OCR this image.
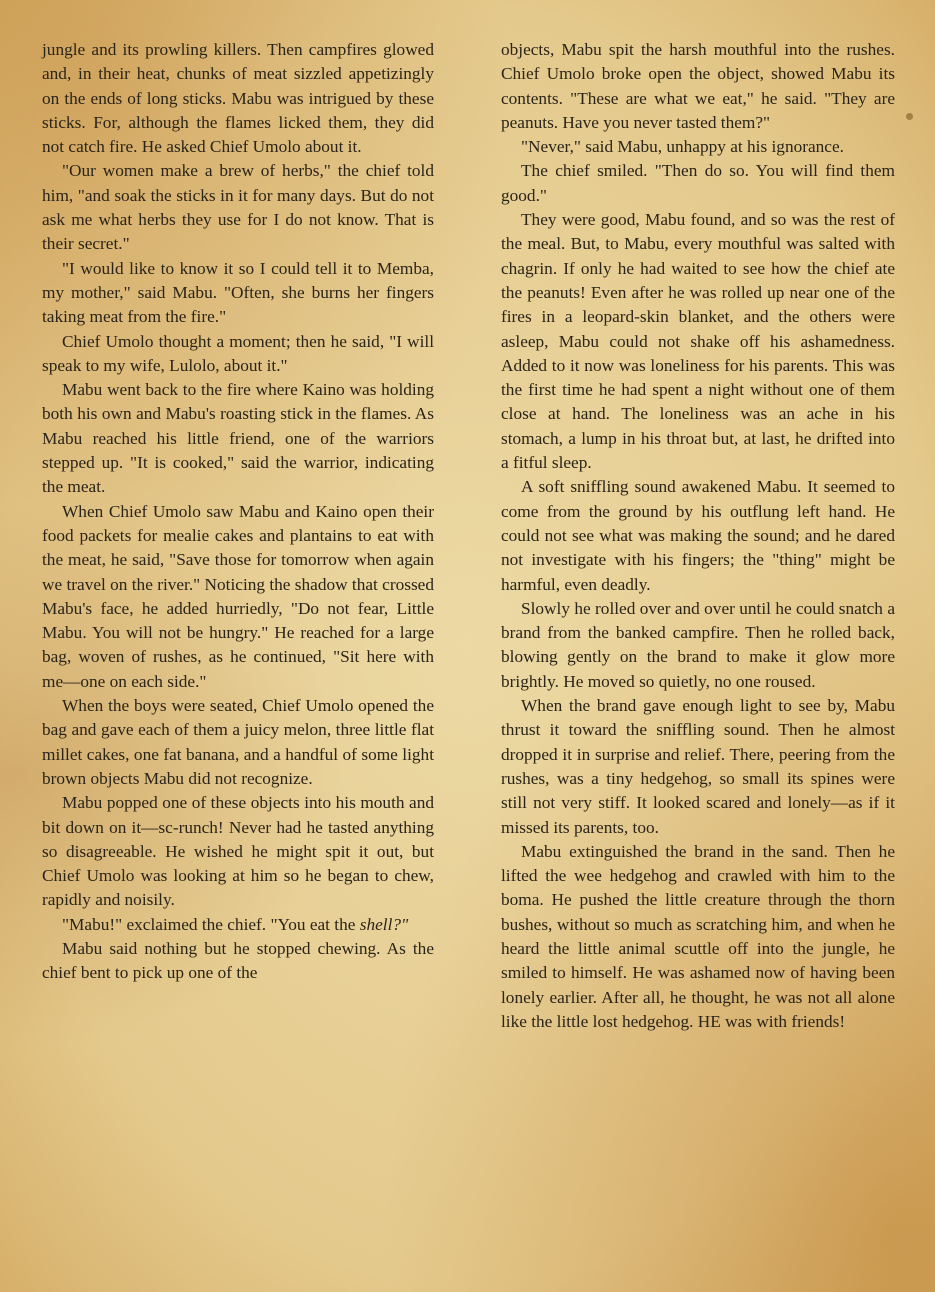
jungle and its prowling killers. Then campfires glowed and, in their heat, chunks of meat sizzled appetizingly on the ends of long sticks. Mabu was intrigued by these sticks. For, although the flames licked them, they did not catch fire. He asked Chief Umolo about it.

"Our women make a brew of herbs," the chief told him, "and soak the sticks in it for many days. But do not ask me what herbs they use for I do not know. That is their secret."

"I would like to know it so I could tell it to Memba, my mother," said Mabu. "Often, she burns her fingers taking meat from the fire."

Chief Umolo thought a moment; then he said, "I will speak to my wife, Lulolo, about it."

Mabu went back to the fire where Kaino was holding both his own and Mabu's roasting stick in the flames. As Mabu reached his little friend, one of the warriors stepped up. "It is cooked," said the warrior, indicating the meat.

When Chief Umolo saw Mabu and Kaino open their food packets for mealie cakes and plantains to eat with the meat, he said, "Save those for tomorrow when again we travel on the river." Noticing the shadow that crossed Mabu's face, he added hurriedly, "Do not fear, Little Mabu. You will not be hungry." He reached for a large bag, woven of rushes, as he continued, "Sit here with me—one on each side."

When the boys were seated, Chief Umolo opened the bag and gave each of them a juicy melon, three little flat millet cakes, one fat banana, and a handful of some light brown objects Mabu did not recognize.

Mabu popped one of these objects into his mouth and bit down on it—sc-runch! Never had he tasted anything so disagreeable. He wished he might spit it out, but Chief Umolo was looking at him so he began to chew, rapidly and noisily.

"Mabu!" exclaimed the chief. "You eat the shell?"

Mabu said nothing but he stopped chewing. As the chief bent to pick up one of the

objects, Mabu spit the harsh mouthful into the rushes. Chief Umolo broke open the object, showed Mabu its contents. "These are what we eat," he said. "They are peanuts. Have you never tasted them?"

"Never," said Mabu, unhappy at his ignorance.

The chief smiled. "Then do so. You will find them good."

They were good, Mabu found, and so was the rest of the meal. But, to Mabu, every mouthful was salted with chagrin. If only he had waited to see how the chief ate the peanuts! Even after he was rolled up near one of the fires in a leopard-skin blanket, and the others were asleep, Mabu could not shake off his ashamedness. Added to it now was loneliness for his parents. This was the first time he had spent a night without one of them close at hand. The loneliness was an ache in his stomach, a lump in his throat but, at last, he drifted into a fitful sleep.

A soft sniffling sound awakened Mabu. It seemed to come from the ground by his outflung left hand. He could not see what was making the sound; and he dared not investigate with his fingers; the "thing" might be harmful, even deadly.

Slowly he rolled over and over until he could snatch a brand from the banked campfire. Then he rolled back, blowing gently on the brand to make it glow more brightly. He moved so quietly, no one roused.

When the brand gave enough light to see by, Mabu thrust it toward the sniffling sound. Then he almost dropped it in surprise and relief. There, peering from the rushes, was a tiny hedgehog, so small its spines were still not very stiff. It looked scared and lonely—as if it missed its parents, too.

Mabu extinguished the brand in the sand. Then he lifted the wee hedgehog and crawled with him to the boma. He pushed the little creature through the thorn bushes, without so much as scratching him, and when he heard the little animal scuttle off into the jungle, he smiled to himself. He was ashamed now of having been lonely earlier. After all, he thought, he was not all alone like the little lost hedgehog. HE was with friends!
